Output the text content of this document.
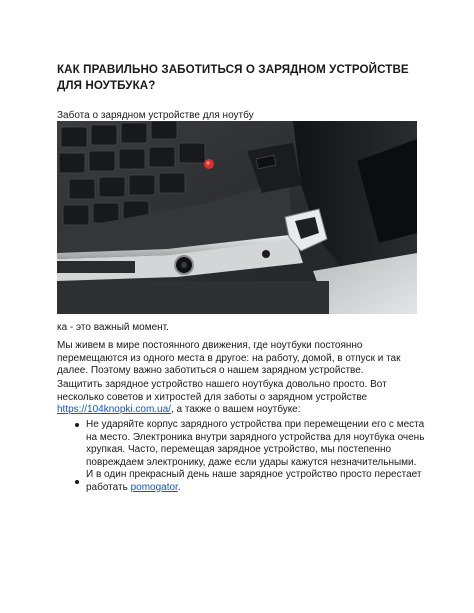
КАК ПРАВИЛЬНО ЗАБОТИТЬСЯ О ЗАРЯДНОМ УСТРОЙСТВЕ ДЛЯ НОУТБУКА?
Забота о зарядном устройстве для ноутбу
ка - это важный момент.
Мы живем в мире постоянного движения, где ноутбуки постоянно перемещаются из одного места в другое: на работу, домой, в отпуск и так далее. Поэтому важно заботиться о нашем зарядном устройстве.
Защитить зарядное устройство нашего ноутбука довольно просто. Вот несколько советов и хитростей для заботы о зарядном устройстве https://104knopki.com.ua/, а также о вашем ноутбуке:
Не ударяйте корпус зарядного устройства при перемещении его с места на место. Электроника внутри зарядного устройства для ноутбука очень хрупкая. Часто, перемещая зарядное устройство, мы постепенно повреждаем электронику, даже если удары кажутся незначительными. И в один прекрасный день наше зарядное устройство просто перестает работать pomogator.
